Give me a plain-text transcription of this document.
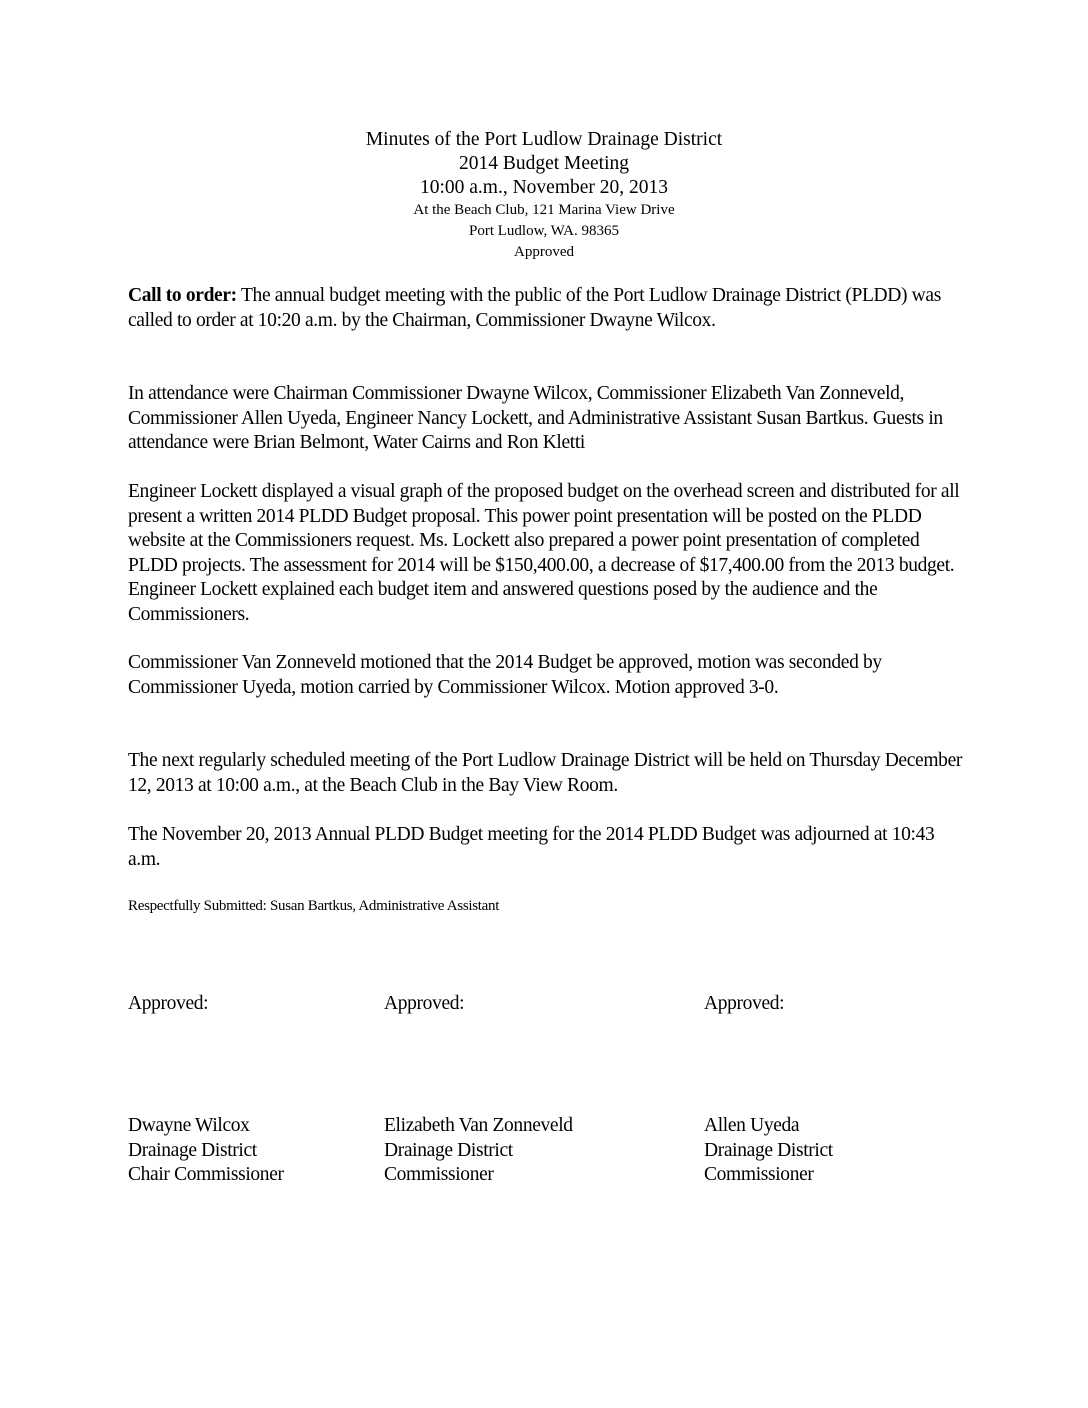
Minutes of the Port Ludlow Drainage District
2014 Budget Meeting
10:00 a.m., November 20, 2013
At the Beach Club, 121 Marina View Drive
Port Ludlow, WA. 98365
Approved

Call to order: The annual budget meeting with the public of the Port Ludlow Drainage District (PLDD) was called to order at 10:20 a.m. by the Chairman, Commissioner Dwayne Wilcox.

In attendance were Chairman Commissioner Dwayne Wilcox, Commissioner Elizabeth Van Zonneveld, Commissioner Allen Uyeda, Engineer Nancy Lockett, and Administrative Assistant Susan Bartkus. Guests in attendance were Brian Belmont, Water Cairns and Ron Kletti

Engineer Lockett displayed a visual graph of the proposed budget on the overhead screen and distributed for all present a written 2014 PLDD Budget proposal. This power point presentation will be posted on the PLDD website at the Commissioners request. Ms. Lockett also prepared a power point presentation of completed PLDD projects. The assessment for 2014 will be $150,400.00, a decrease of $17,400.00 from the 2013 budget. Engineer Lockett explained each budget item and answered questions posed by the audience and the Commissioners.

Commissioner Van Zonneveld motioned that the 2014 Budget be approved, motion was seconded by Commissioner Uyeda, motion carried by Commissioner Wilcox. Motion approved 3-0.

The next regularly scheduled meeting of the Port Ludlow Drainage District will be held on Thursday December 12, 2013 at 10:00 a.m., at the Beach Club in the Bay View Room.

The November 20, 2013 Annual PLDD Budget meeting for the 2014 PLDD Budget was adjourned at 10:43 a.m.

Respectfully Submitted: Susan Bartkus, Administrative Assistant
Approved:	Approved:	Approved:
Dwayne Wilcox
Drainage District
Chair Commissioner
Elizabeth Van Zonneveld
Drainage District
Commissioner
Allen Uyeda
Drainage District
Commissioner
